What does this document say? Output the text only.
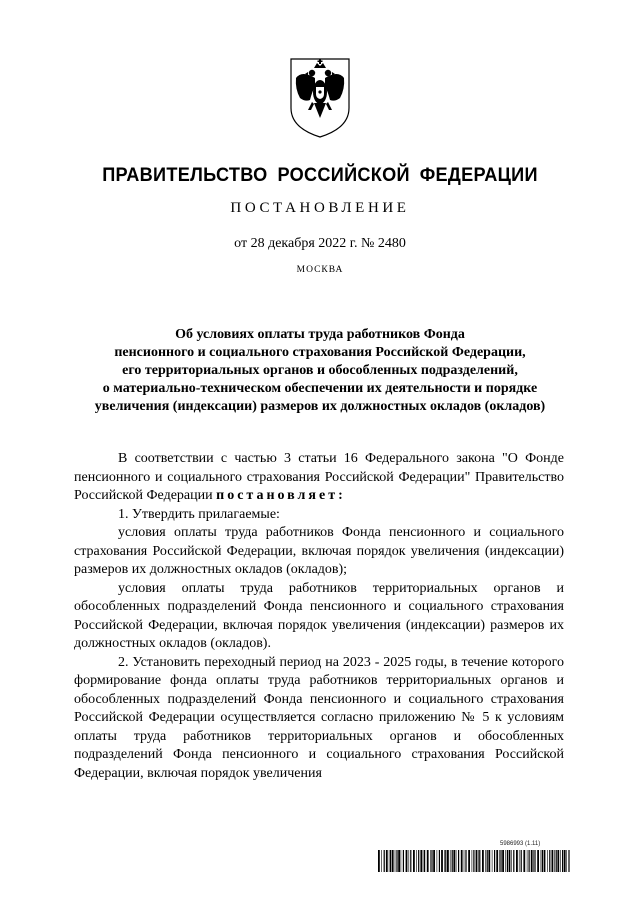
ПРАВИТЕЛЬСТВО РОССИЙСКОЙ ФЕДЕРАЦИИ
ПОСТАНОВЛЕНИЕ
от 28 декабря 2022 г. № 2480
МОСКВА
Об условиях оплаты труда работников Фонда
пенсионного и социального страхования Российской Федерации,
его территориальных органов и обособленных подразделений,
о материально-техническом обеспечении их деятельности и порядке
увеличения (индексации) размеров их должностных окладов (окладов)

В соответствии с частью 3 статьи 16 Федерального закона "О Фонде пенсионного и социального страхования Российской Федерации" Правительство Российской Федерации постановляет:

1. Утвердить прилагаемые:

условия оплаты труда работников Фонда пенсионного и социального страхования Российской Федерации, включая порядок увеличения (индексации) размеров их должностных окладов (окладов);

условия оплаты труда работников территориальных органов и обособленных подразделений Фонда пенсионного и социального страхования Российской Федерации, включая порядок увеличения (индексации) размеров их должностных окладов (окладов).

2. Установить переходный период на 2023 - 2025 годы, в течение которого формирование фонда оплаты труда работников территориальных органов и обособленных подразделений Фонда пенсионного и социального страхования Российской Федерации осуществляется согласно приложению № 5 к условиям оплаты труда работников территориальных органов и обособленных подразделений Фонда пенсионного и социального страхования Российской Федерации, включая порядок увеличения

5986993 (1.11)
